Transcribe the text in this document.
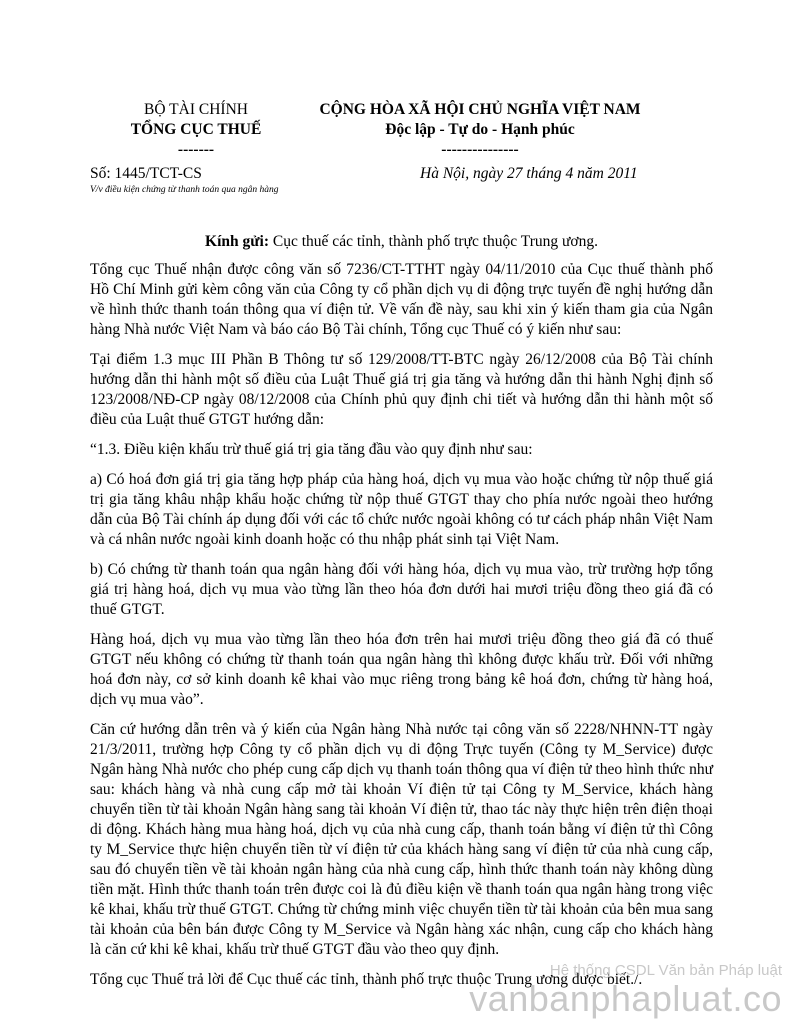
BỘ TÀI CHÍNH
TỔNG CỤC THUẾ
-------
CỘNG HÒA XÃ HỘI CHỦ NGHĨA VIỆT NAM
Độc lập - Tự do - Hạnh phúc
---------------
Số: 1445/TCT-CS
V/v điều kiện chứng từ thanh toán qua ngân hàng
Hà Nội, ngày 27 tháng 4 năm 2011
Kính gửi: Cục thuế các tỉnh, thành phố trực thuộc Trung ương.

Tổng cục Thuế nhận được công văn số 7236/CT-TTHT ngày 04/11/2010 của Cục thuế thành phố Hồ Chí Minh gửi kèm công văn của Công ty cổ phần dịch vụ di động trực tuyến đề nghị hướng dẫn về hình thức thanh toán thông qua ví điện tử. Về vấn đề này, sau khi xin ý kiến tham gia của Ngân hàng Nhà nước Việt Nam và báo cáo Bộ Tài chính, Tổng cục Thuế có ý kiến như sau:

Tại điểm 1.3 mục III Phần B Thông tư số 129/2008/TT-BTC ngày 26/12/2008 của Bộ Tài chính hướng dẫn thi hành một số điều của Luật Thuế giá trị gia tăng và hướng dẫn thi hành Nghị định số 123/2008/NĐ-CP ngày 08/12/2008 của Chính phủ quy định chi tiết và hướng dẫn thi hành một số điều của Luật thuế GTGT hướng dẫn:

“1.3. Điều kiện khấu trừ thuế giá trị gia tăng đầu vào quy định như sau:

a) Có hoá đơn giá trị gia tăng hợp pháp của hàng hoá, dịch vụ mua vào hoặc chứng từ nộp thuế giá trị gia tăng khâu nhập khẩu hoặc chứng từ nộp thuế GTGT thay cho phía nước ngoài theo hướng dẫn của Bộ Tài chính áp dụng đối với các tổ chức nước ngoài không có tư cách pháp nhân Việt Nam và cá nhân nước ngoài kinh doanh hoặc có thu nhập phát sinh tại Việt Nam.

b) Có chứng từ thanh toán qua ngân hàng đối với hàng hóa, dịch vụ mua vào, trừ trường hợp tổng giá trị hàng hoá, dịch vụ mua vào từng lần theo hóa đơn dưới hai mươi triệu đồng theo giá đã có thuế GTGT.

Hàng hoá, dịch vụ mua vào từng lần theo hóa đơn trên hai mươi triệu đồng theo giá đã có thuế GTGT nếu không có chứng từ thanh toán qua ngân hàng thì không được khấu trừ. Đối với những hoá đơn này, cơ sở kinh doanh kê khai vào mục riêng trong bảng kê hoá đơn, chứng từ hàng hoá, dịch vụ mua vào”.

Căn cứ hướng dẫn trên và ý kiến của Ngân hàng Nhà nước tại công văn số 2228/NHNN-TT ngày 21/3/2011, trường hợp Công ty cổ phần dịch vụ di động Trực tuyến (Công ty M_Service) được Ngân hàng Nhà nước cho phép cung cấp dịch vụ thanh toán thông qua ví điện tử theo hình thức như sau: khách hàng và nhà cung cấp mở tài khoản Ví điện tử tại Công ty M_Service, khách hàng chuyển tiền từ tài khoản Ngân hàng sang tài khoản Ví điện tử, thao tác này thực hiện trên điện thoại di động. Khách hàng mua hàng hoá, dịch vụ của nhà cung cấp, thanh toán bằng ví điện tử thì Công ty M_Service thực hiện chuyển tiền từ ví điện tử của khách hàng sang ví điện tử của nhà cung cấp, sau đó chuyển tiền về tài khoản ngân hàng của nhà cung cấp, hình thức thanh toán này không dùng tiền mặt. Hình thức thanh toán trên được coi là đủ điều kiện về thanh toán qua ngân hàng trong việc kê khai, khấu trừ thuế GTGT. Chứng từ chứng minh việc chuyển tiền từ tài khoản của bên mua sang tài khoản của bên bán được Công ty M_Service và Ngân hàng xác nhận, cung cấp cho khách hàng là căn cứ khi kê khai, khấu trừ thuế GTGT đầu vào theo quy định.

Tổng cục Thuế trả lời để Cục thuế các tỉnh, thành phố trực thuộc Trung ương được biết./.

Hệ thống CSDL Văn bản Pháp luật
vanbanphapluat.co
